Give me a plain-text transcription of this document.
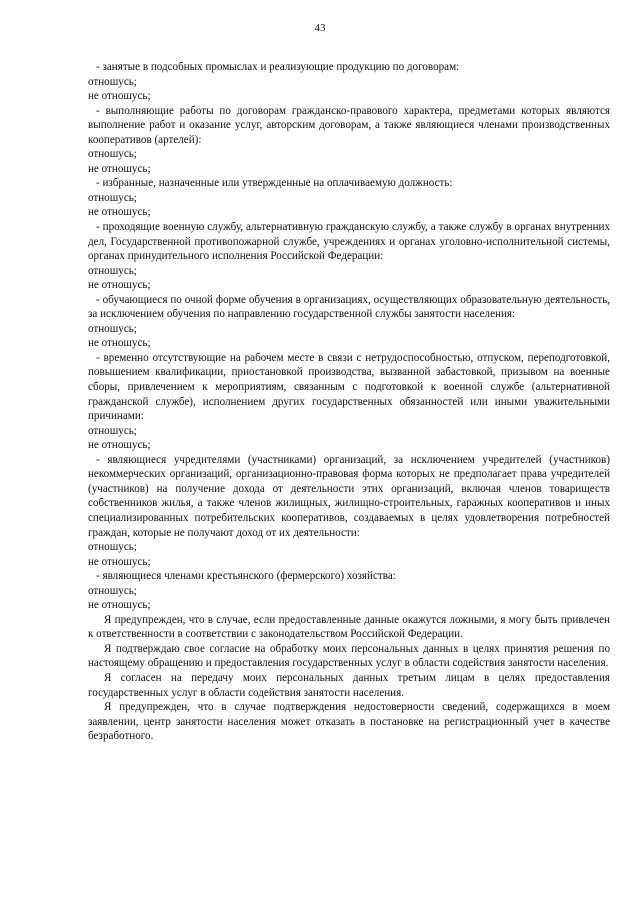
43

- занятые в подсобных промыслах и реализующие продукцию по договорам:

отношусь;

не отношусь;

- выполняющие работы по договорам гражданско-правового характера, предметами которых являются выполнение работ и оказание услуг, авторским договорам, а также являющиеся членами производственных кооперативов (артелей):

отношусь;

не отношусь;

- избранные, назначенные или утвержденные на оплачиваемую должность:

отношусь;

не отношусь;

- проходящие военную службу, альтернативную гражданскую службу, а также службу в органах внутренних дел, Государственной противопожарной службе, учреждениях и органах уголовно-исполнительной системы, органах принудительного исполнения Российской Федерации:

отношусь;

не отношусь;

- обучающиеся по очной форме обучения в организациях, осуществляющих образовательную деятельность, за исключением обучения по направлению государственной службы занятости населения:

отношусь;

не отношусь;

- временно отсутствующие на рабочем месте в связи с нетрудоспособностью, отпуском, переподготовкой, повышением квалификации, приостановкой производства, вызванной забастовкой, призывом на военные сборы, привлечением к мероприятиям, связанным с подготовкой к военной службе (альтернативной гражданской службе), исполнением других государственных обязанностей или иными уважительными причинами:

отношусь;

не отношусь;

- являющиеся учредителями (участниками) организаций, за исключением учредителей (участников) некоммерческих организаций, организационно-правовая форма которых не предполагает права учредителей (участников) на получение дохода от деятельности этих организаций, включая членов товариществ собственников жилья, а также членов жилищных, жилищно-строительных, гаражных кооперативов и иных специализированных потребительских кооперативов, создаваемых в целях удовлетворения потребностей граждан, которые не получают доход от их деятельности:

отношусь;

не отношусь;

- являющиеся членами крестьянского (фермерского) хозяйства:

отношусь;

не отношусь;

Я предупрежден, что в случае, если предоставленные данные окажутся ложными, я могу быть привлечен к ответственности в соответствии с законодательством Российской Федерации.

Я подтверждаю свое согласие на обработку моих персональных данных в целях принятия решения по настоящему обращению и предоставления государственных услуг в области содействия занятости населения.

Я согласен на передачу моих персональных данных третьим лицам в целях предоставления государственных услуг в области содействия занятости населения.

Я предупрежден, что в случае подтверждения недостоверности сведений, содержащихся в моем заявлении, центр занятости населения может отказать в постановке на регистрационный учет в качестве безработного.
